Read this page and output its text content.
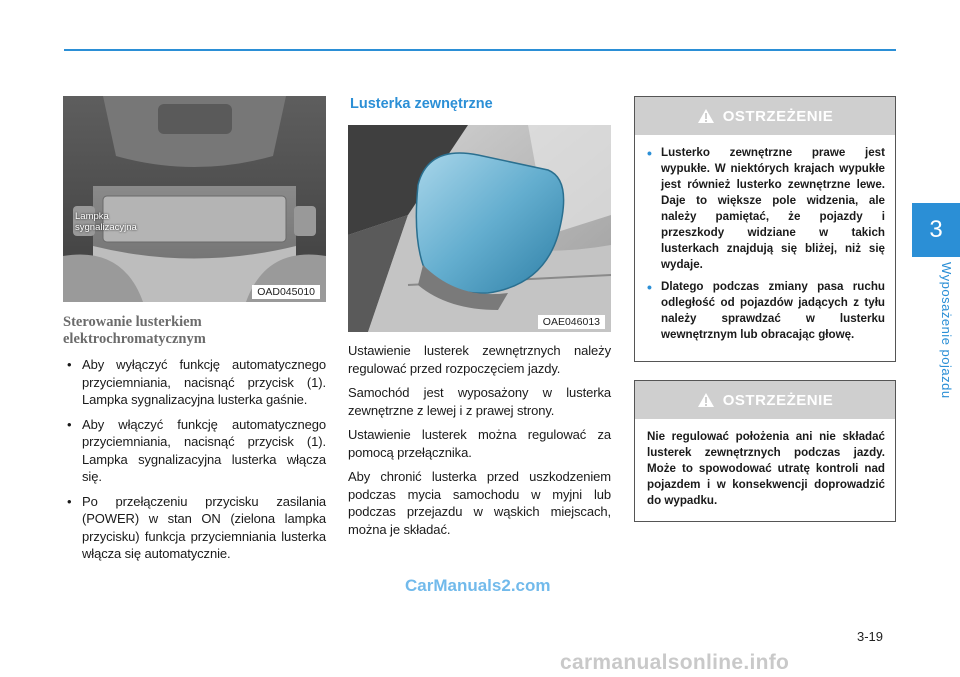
3
Wyposażenie pojazdu
Lampka
sygnalizacyjna
OAD045010
Sterowanie lusterkiem
elektrochromatycznym
• Aby wyłączyć funkcję automatycznego przyciemniania, nacisnąć przycisk (1). Lampka sygnalizacyjna lusterka gaśnie.
• Aby włączyć funkcję automatycznego przyciemniania, nacisnąć przycisk (1). Lampka sygnalizacyjna lusterka włącza się.
• Po przełączeniu przycisku zasilania (POWER) w stan ON (zielona lampka przycisku) funkcja przyciemniania lusterka włącza się automatycznie.
Lusterka zewnętrzne
OAE046013

Ustawienie lusterek zewnętrznych należy regulować przed rozpoczęciem jazdy.

Samochód jest wyposażony w lusterka zewnętrzne z lewej i z prawej strony.

Ustawienie lusterek można regulować za pomocą przełącznika.

Aby chronić lusterka przed uszkodzeniem podczas mycia samochodu w myjni lub podczas przejazdu w wąskich miejscach, można je składać.

OSTRZEŻENIE
• Lusterko zewnętrzne prawe jest wypukłe. W niektórych krajach wypukłe jest również lusterko zewnętrzne lewe. Daje to większe pole widzenia, ale należy pamiętać, że pojazdy i przeszkody widziane w takich lusterkach znajdują się bliżej, niż się wydaje.
• Dlatego podczas zmiany pasa ruchu odległość od pojazdów jadących z tyłu należy sprawdzać w lusterku wewnętrznym lub obracając głowę.
OSTRZEŻENIE

Nie regulować położenia ani nie składać lusterek zewnętrznych podczas jazdy. Może to spowodować utratę kontroli nad pojazdem i w konsekwencji doprowadzić do wypadku.

CarManuals2.com
3-19
carmanualsonline.info
